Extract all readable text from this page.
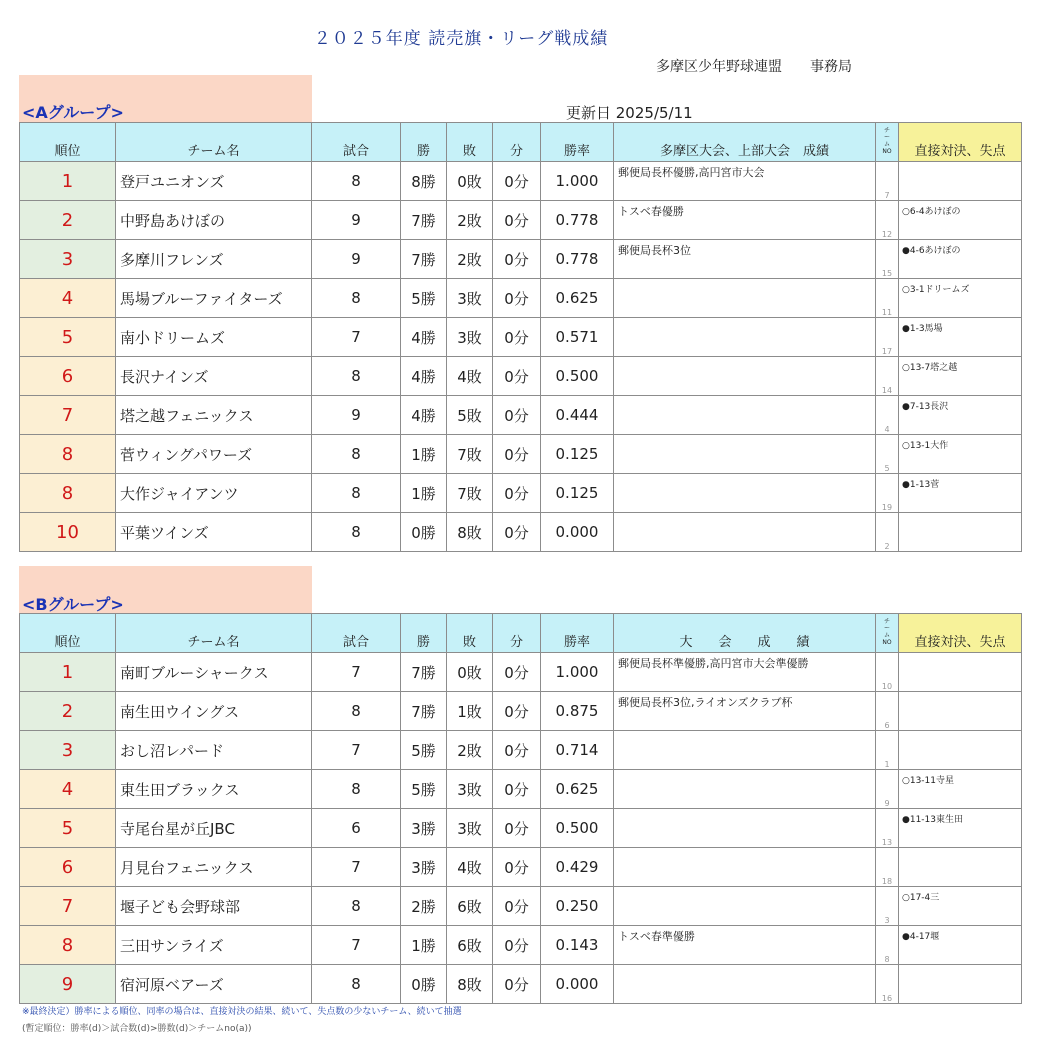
２０２５年度 読売旗・リーグ戦成績
多摩区少年野球連盟　　事務局
<Aグループ>	更新日 2025/5/11
順位	チーム名	試合	勝	敗	分	勝率	多摩区大会、上部大会　成績	チ
ー
ム
NO	直接対決、失点
1	登戸ユニオンズ	8	8勝	0敗	0分	1.000	郵便局長杯優勝,高円宮市大会	7	
2	中野島あけぼの	9	7勝	2敗	0分	0.778	トスベ春優勝	12	○6-4あけぼの
3	多摩川フレンズ	9	7勝	2敗	0分	0.778	郵便局長杯3位	15	●4-6あけぼの
4	馬場ブルーファイターズ	8	5勝	3敗	0分	0.625		11	○3-1ドリームズ
5	南小ドリームズ	7	4勝	3敗	0分	0.571		17	●1-3馬場
6	長沢ナインズ	8	4勝	4敗	0分	0.500		14	○13-7塔之越
7	塔之越フェニックス	9	4勝	5敗	0分	0.444		4	●7-13長沢
8	菅ウィングパワーズ	8	1勝	7敗	0分	0.125		5	○13-1大作
8	大作ジャイアンツ	8	1勝	7敗	0分	0.125		19	●1-13菅
10	平葉ツインズ	8	0勝	8敗	0分	0.000		2	
<Bグループ>
順位	チーム名	試合	勝	敗	分	勝率	大　　会　　成　　績	チ
ー
ム
NO	直接対決、失点
1	南町ブルーシャークス	7	7勝	0敗	0分	1.000	郵便局長杯準優勝,高円宮市大会準優勝	10	
2	南生田ウイングス	8	7勝	1敗	0分	0.875	郵便局長杯3位,ライオンズクラブ杯	6	
3	おし沼レパード	7	5勝	2敗	0分	0.714		1	
4	東生田ブラックス	8	5勝	3敗	0分	0.625		9	○13-11寺星
5	寺尾台星が丘JBC	6	3勝	3敗	0分	0.500		13	●11-13東生田
6	月見台フェニックス	7	3勝	4敗	0分	0.429		18	
7	堰子ども会野球部	8	2勝	6敗	0分	0.250		3	○17-4三
8	三田サンライズ	7	1勝	6敗	0分	0.143	トスベ春準優勝	8	●4-17堰
9	宿河原ベアーズ	8	0勝	8敗	0分	0.000		16	
※最終決定）勝率による順位、同率の場合は、直接対決の結果、続いて、失点数の少ないチーム、続いて抽選
(暫定順位：勝率(d)＞試合数(d)>勝数(d)＞チームno(a))
